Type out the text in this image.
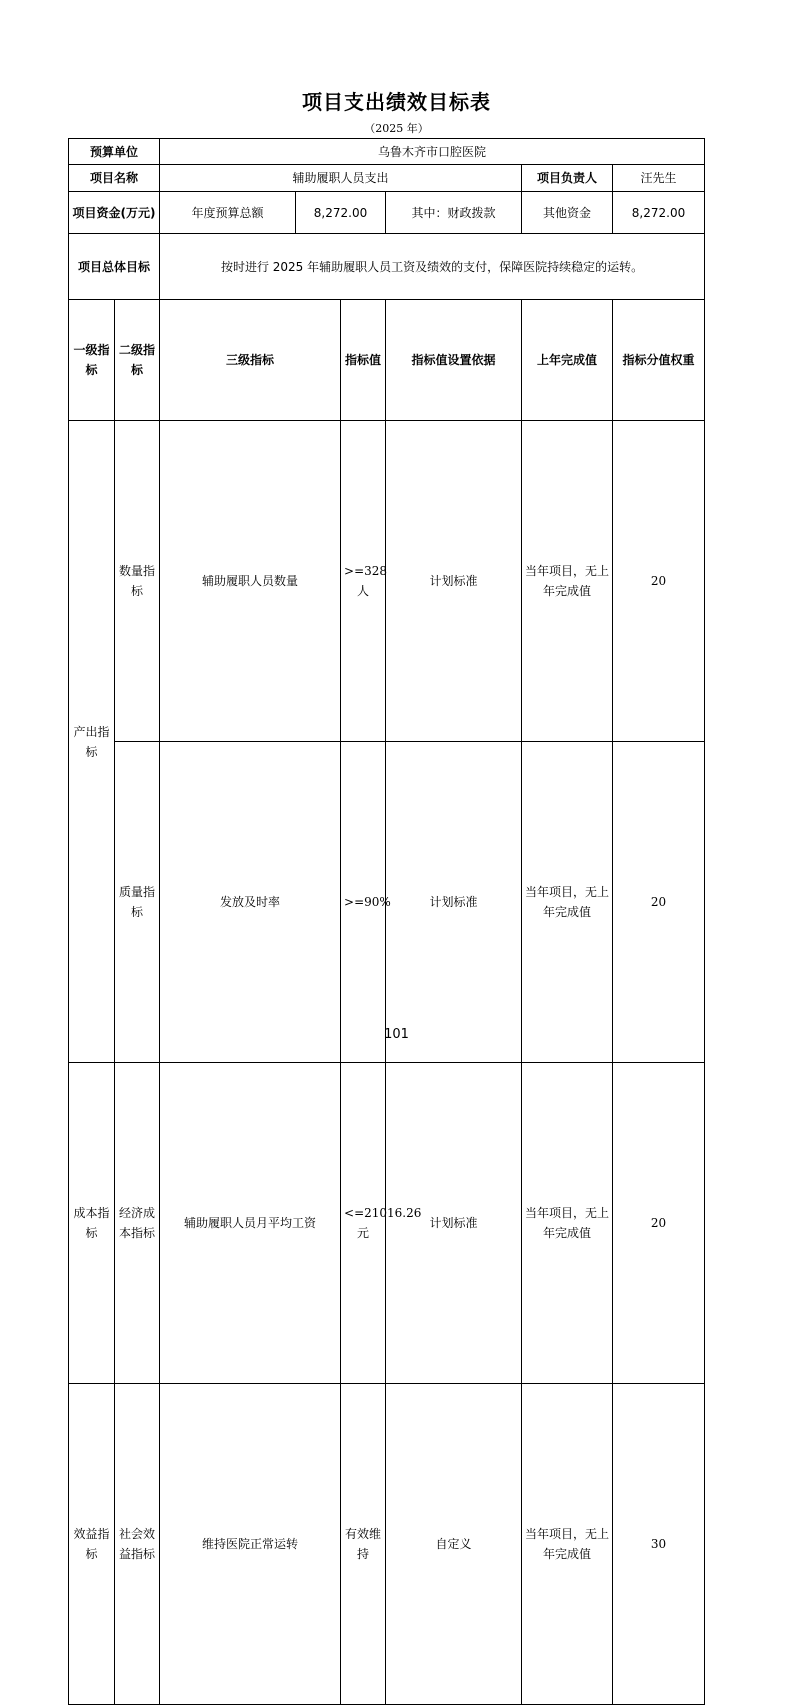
项目支出绩效目标表
（2025 年）
预算单位		乌鲁木齐市口腔医院						
项目名称		辅助履职人员支出				项目负责人	汪先生	
项目资金(万元)		年度预算总额	8,272.00		其中：财政拨款	其他资金	8,272.00	
项目总体目标		按时进行 2025 年辅助履职人员工资及绩效的支付，保障医院持续稳定的运转。						
一级指标	二级指标	三级指标		指标值	指标值设置依据	上年完成值	指标分值权重		
产出指标	数量指标	辅助履职人员数量		>=328人	计划标准	当年项目，无上年完成值	20		
	质量指标	发放及时率		>=90%	计划标准	当年项目，无上年完成值	20		
成本指标	经济成本指标	辅助履职人员月平均工资		<=21016.26元	计划标准	当年项目，无上年完成值	20		
效益指标	社会效益指标	维持医院正常运转		有效维持	自定义	当年项目，无上年完成值	30		
101
